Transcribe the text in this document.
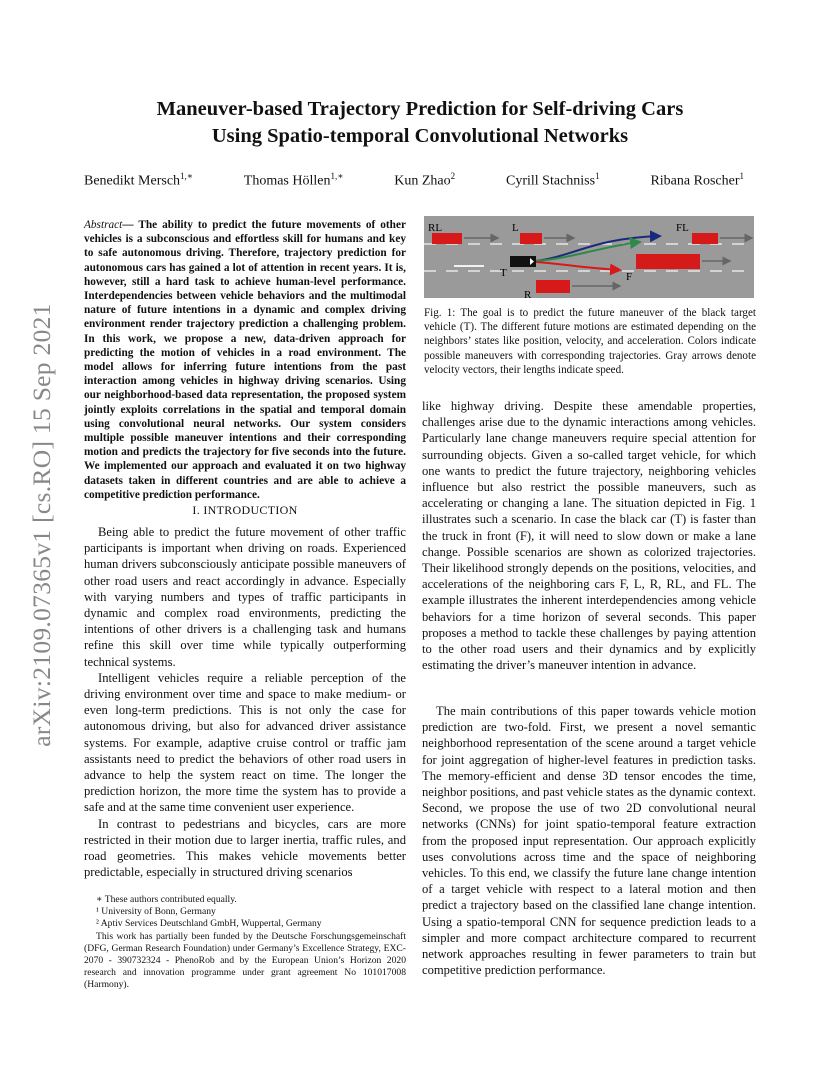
arXiv:2109.07365v1 [cs.RO] 15 Sep 2021
Maneuver-based Trajectory Prediction for Self-driving Cars
Using Spatio-temporal Convolutional Networks
Benedikt Mersch$^{1,∗}$	Thomas Höllen$^{1,∗}$	Kun Zhao$^2$	Cyrill Stachniss$^1$	Ribana Roscher$^1$
Abstract— The ability to predict the future movements of other vehicles is a subconscious and effortless skill for humans and key to safe autonomous driving. Therefore, trajectory prediction for autonomous cars has gained a lot of attention in recent years. It is, however, still a hard task to achieve human-level performance. Interdependencies between vehicle behaviors and the multimodal nature of future intentions in a dynamic and complex driving environment render trajectory prediction a challenging problem. In this work, we propose a new, data-driven approach for predicting the motion of vehicles in a road environment. The model allows for inferring future intentions from the past interaction among vehicles in highway driving scenarios. Using our neighborhood-based data representation, the proposed system jointly exploits correlations in the spatial and temporal domain using convolutional neural networks. Our system considers multiple possible maneuver intentions and their corresponding motion and predicts the trajectory for five seconds into the future. We implemented our approach and evaluated it on two highway datasets taken in different countries and are able to achieve a competitive prediction performance.
I. INTRODUCTION

Being able to predict the future movement of other traffic participants is important when driving on roads. Experienced human drivers subconsciously anticipate possible maneuvers of other road users and react accordingly in advance. Especially with varying numbers and types of traffic participants in dynamic and complex road environments, predicting the intentions of other drivers is a challenging task and humans refine this skill over time while typically outperforming technical systems.

Intelligent vehicles require a reliable perception of the driving environment over time and space to make medium- or even long-term predictions. This is not only the case for autonomous driving, but also for advanced driver assistance systems. For example, adaptive cruise control or traffic jam assistants need to predict the behaviors of other road users in advance to help the system react on time. The longer the prediction horizon, the more time the system has to provide a safe and at the same time convenient user experience.

In contrast to pedestrians and bicycles, cars are more restricted in their motion due to larger inertia, traffic rules, and road geometries. This makes vehicle movements better predictable, especially in structured driving scenarios

∗ These authors contributed equally.
¹ University of Bonn, Germany
² Aptiv Services Deutschland GmbH, Wuppertal, Germany
This work has partially been funded by the Deutsche Forschungsgemeinschaft (DFG, German Research Foundation) under Germany’s Excellence Strategy, EXC-2070 - 390732324 - PhenoRob and by the European Union’s Horizon 2020 research and innovation programme under grant agreement No 101017008 (Harmony).
RL	L	FL
T	F
R
Fig. 1: The goal is to predict the future maneuver of the black target vehicle (T). The different future motions are estimated depending on the neighbors’ states like position, velocity, and acceleration. Colors indicate possible maneuvers with corresponding trajectories. Gray arrows denote velocity vectors, their lengths indicate speed.

like highway driving. Despite these amendable properties, challenges arise due to the dynamic interactions among vehicles. Particularly lane change maneuvers require special attention for surrounding objects. Given a so-called target vehicle, for which one wants to predict the future trajectory, neighboring vehicles influence but also restrict the possible maneuvers, such as accelerating or changing a lane. The situation depicted in Fig. 1 illustrates such a scenario. In case the black car (T) is faster than the truck in front (F), it will need to slow down or make a lane change. Possible scenarios are shown as colorized trajectories. Their likelihood strongly depends on the positions, velocities, and accelerations of the neighboring cars F, L, R, RL, and FL. The example illustrates the inherent interdependencies among vehicle behaviors for a time horizon of several seconds. This paper proposes a method to tackle these challenges by paying attention to the other road users and their dynamics and by explicitly estimating the driver’s maneuver intention in advance.

The main contributions of this paper towards vehicle motion prediction are two-fold. First, we present a novel semantic neighborhood representation of the scene around a target vehicle for joint aggregation of higher-level features in prediction tasks. The memory-efficient and dense 3D tensor encodes the time, neighbor positions, and past vehicle states as the dynamic context. Second, we propose the use of two 2D convolutional neural networks (CNNs) for joint spatio-temporal feature extraction from the proposed input representation. Our approach explicitly uses convolutions across time and the space of neighboring vehicles. To this end, we classify the future lane change intention of a target vehicle with respect to a lateral motion and then predict a trajectory based on the classified lane change intention. Using a spatio-temporal CNN for sequence prediction leads to a simpler and more compact architecture compared to recurrent network approaches resulting in fewer parameters to train but competitive prediction performance.
